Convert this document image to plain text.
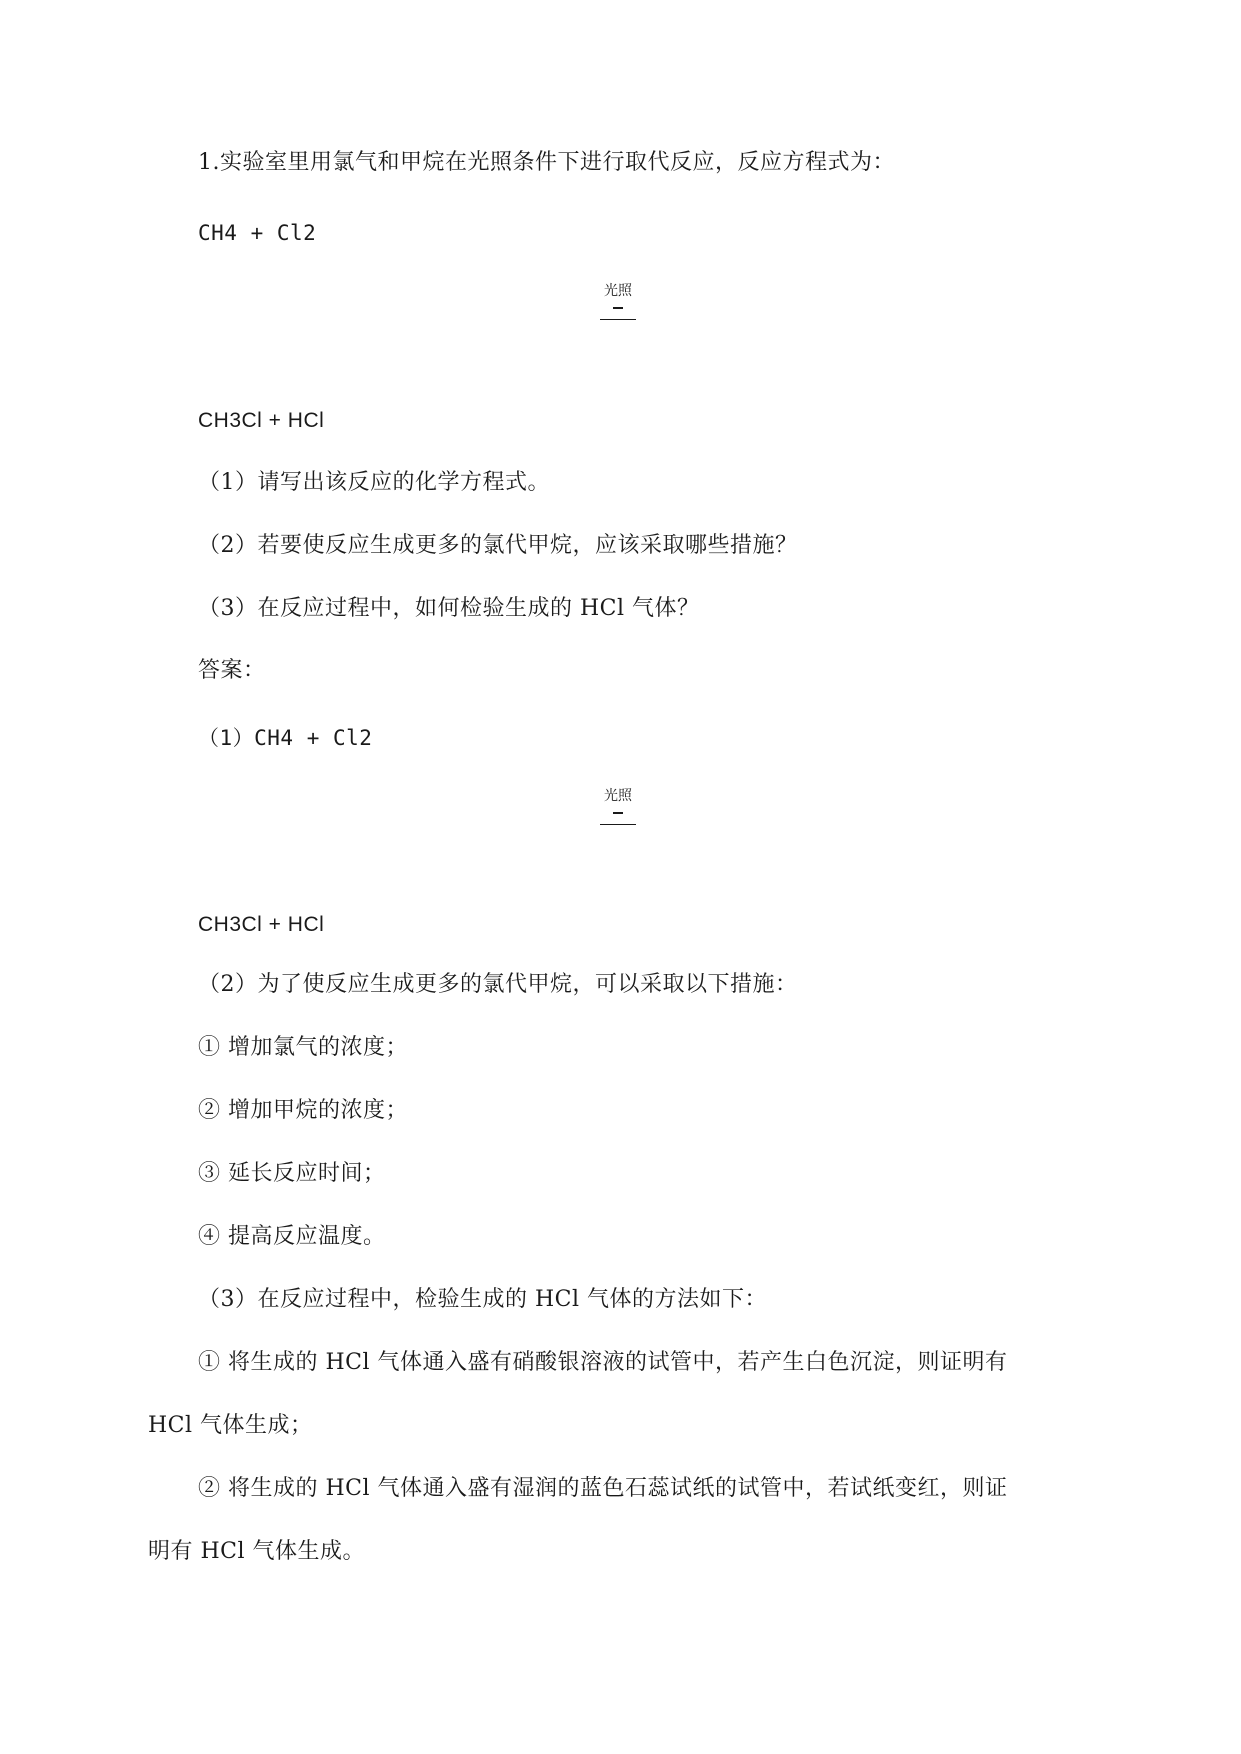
1.实验室里用氯气和甲烷在光照条件下进行取代反应，反应方程式为：
CH4 + Cl2
光照
CH3Cl + HCl
（1）请写出该反应的化学方程式。
（2）若要使反应生成更多的氯代甲烷，应该采取哪些措施？
（3）在反应过程中，如何检验生成的 HCl 气体？
答案：
（1）CH4 + Cl2
光照
CH3Cl + HCl
（2）为了使反应生成更多的氯代甲烷，可以采取以下措施：
① 增加氯气的浓度；
② 增加甲烷的浓度；
③ 延长反应时间；
④ 提高反应温度。
（3）在反应过程中，检验生成的 HCl 气体的方法如下：
① 将生成的 HCl 气体通入盛有硝酸银溶液的试管中，若产生白色沉淀，则证明有
HCl 气体生成；
② 将生成的 HCl 气体通入盛有湿润的蓝色石蕊试纸的试管中，若试纸变红，则证
明有 HCl 气体生成。
